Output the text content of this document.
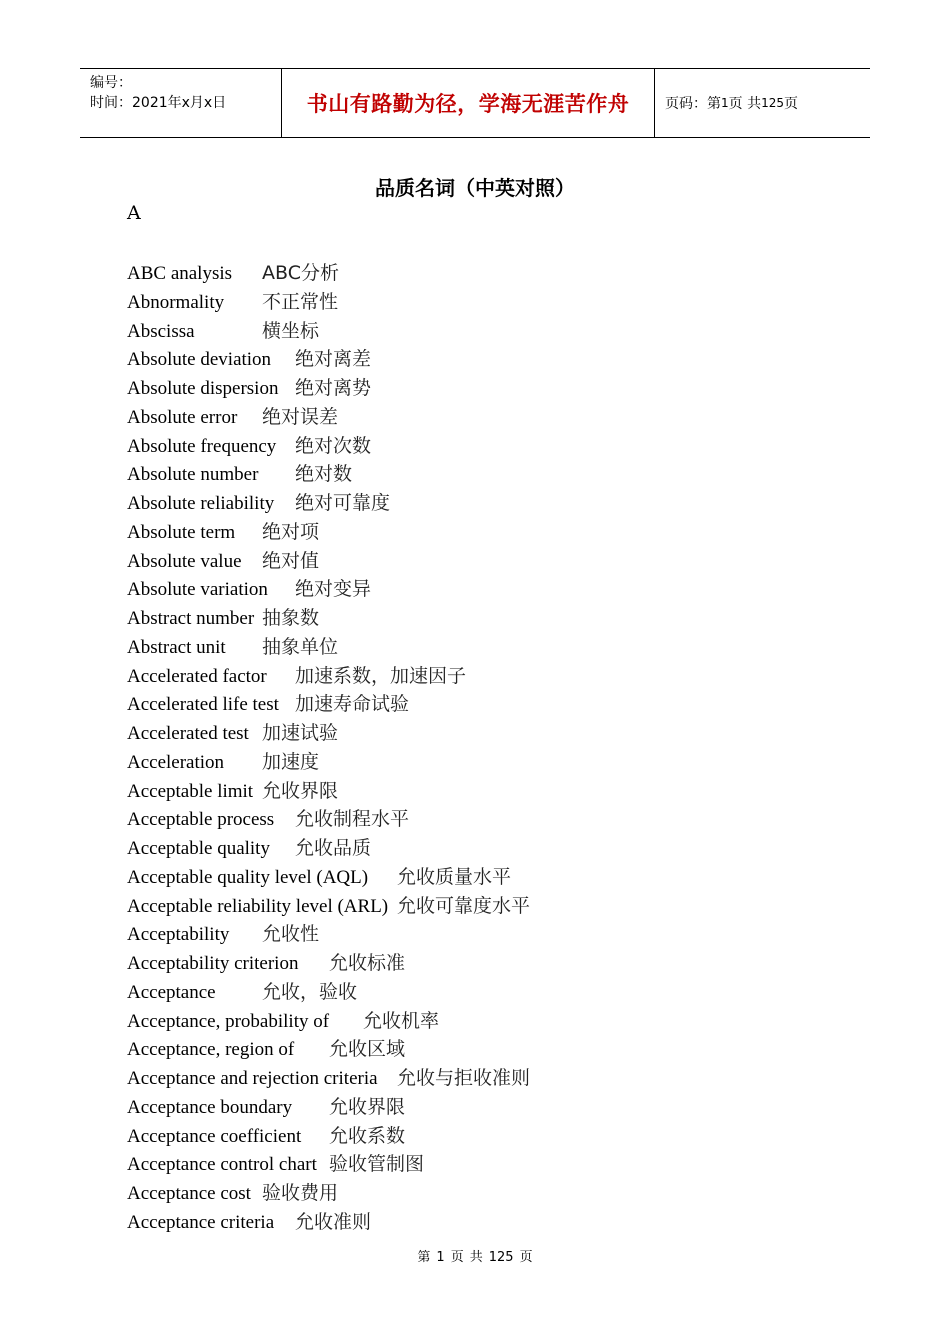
编号：
时间：2021年x月x日	书山有路勤为径，学海无涯苦作舟	页码：第 1 页 共 125 页
品质名词（中英对照）
A
ABC analysis ABC分析
Abnormality 不正常性
Abscissa	横坐标
Absolute deviation 绝对离差
Absolute dispersion 绝对离势
Absolute error 绝对误差
Absolute frequency 绝对次数
Absolute number 绝对数
Absolute reliability 绝对可靠度
Absolute term 绝对项
Absolute value 绝对值
Absolute variation 绝对变异
Abstract number 抽象数
Abstract unit 抽象单位
Accelerated factor 加速系数，加速因子
Accelerated life test 加速寿命试验
Accelerated test 加速试验
Acceleration 加速度
Acceptable limit 允收界限
Acceptable process 允收制程水平
Acceptable quality 允收品质
Acceptable quality level (AQL) 允收质量水平
Acceptable reliability level (ARL) 允收可靠度水平
Acceptability 允收性
Acceptability criterion 允收标准
Acceptance 允收，验收
Acceptance, probability of 允收机率
Acceptance, region of 允收区域
Acceptance and rejection criteria 允收与拒收准则
Acceptance boundary 允收界限
Acceptance coefficient 允收系数
Acceptance control chart 验收管制图
Acceptance cost 验收费用
Acceptance criteria 允收准则
第 1 页 共 125 页
